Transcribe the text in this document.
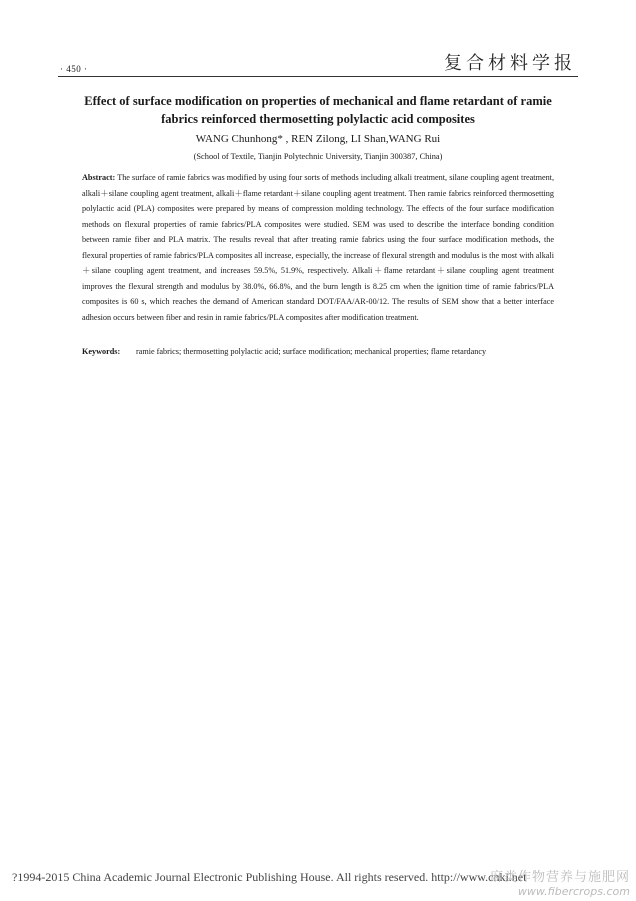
· 450 ·	复合材料学报
Effect of surface modification on properties of mechanical and flame retardant of ramie fabrics reinforced thermosetting polylactic acid composites
WANG Chunhong* , REN Zilong, LI Shan,WANG Rui
(School of Textile, Tianjin Polytechnic University, Tianjin 300387, China)
Abstract: The surface of ramie fabrics was modified by using four sorts of methods including alkali treatment, silane coupling agent treatment, alkali＋silane coupling agent treatment, alkali＋flame retardant＋silane coupling agent treatment. Then ramie fabrics reinforced thermosetting polylactic acid (PLA) composites were prepared by means of compression molding technology. The effects of the four surface modification methods on flexural properties of ramie fabrics/PLA composites were studied. SEM was used to describe the interface bonding condition between ramie fiber and PLA matrix. The results reveal that after treating ramie fabrics using the four surface modification methods, the flexural properties of ramie fabrics/PLA composites all increase, especially, the increase of flexural strength and modulus is the most with alkali＋silane coupling agent treatment, and increases 59.5%, 51.9%, respectively. Alkali＋flame retardant＋silane coupling agent treatment improves the flexural strength and modulus by 38.0%, 66.8%, and the burn length is 8.25 cm when the ignition time of ramie fabrics/PLA composites is 60 s, which reaches the demand of American standard DOT/FAA/AR-00/12. The results of SEM show that a better interface adhesion occurs between fiber and resin in ramie fabrics/PLA composites after modification treatment.
Keywords:	ramie fabrics; thermosetting polylactic acid; surface modification; mechanical properties; flame retardancy
?1994-2015 China Academic Journal Electronic Publishing House. All rights reserved. http://www.cnki.net
麻类作物营养与施肥网
www.fibercrops.com
